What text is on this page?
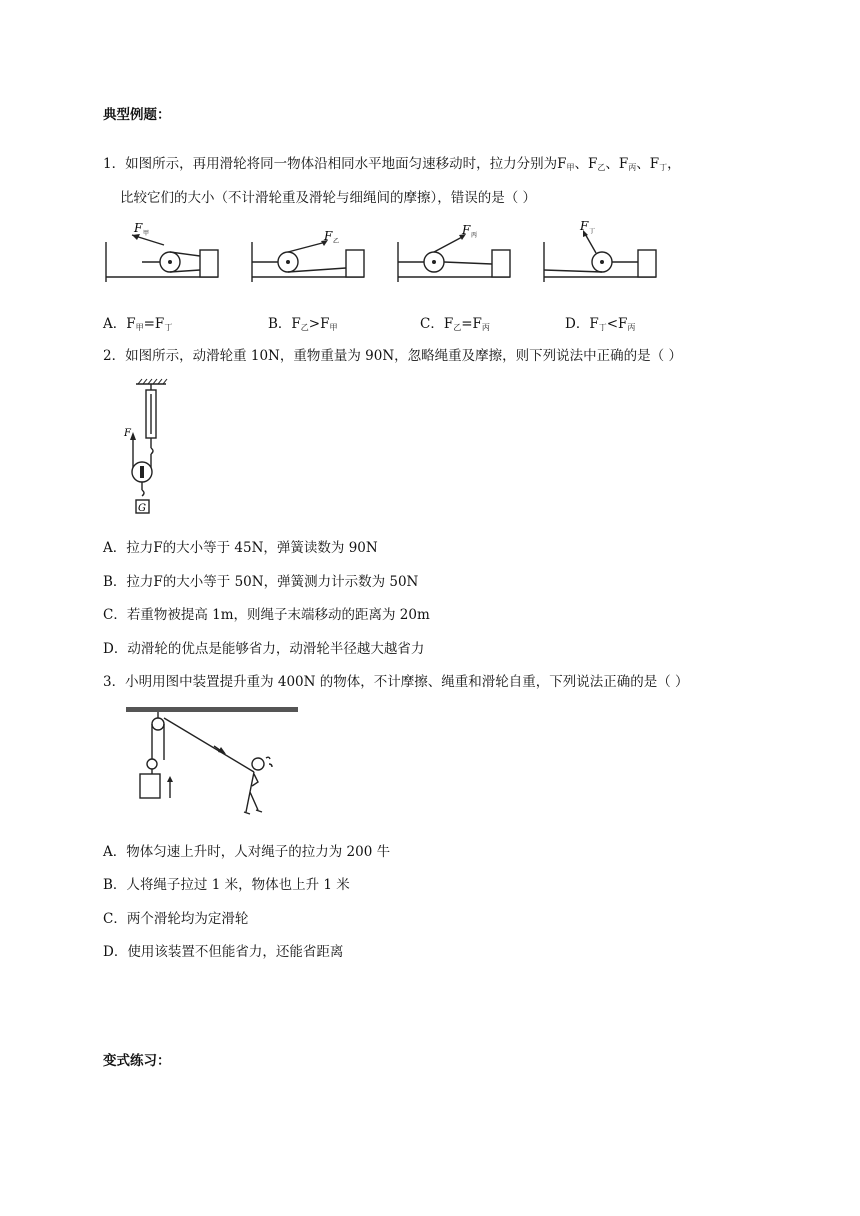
典型例题：
1．如图所示，再用滑轮将同一物体沿相同水平地面匀速移动时，拉力分别为$F_甲$、$F_乙$、$F_丙$、$F_丁$，
比较它们的大小（不计滑轮重及滑轮与细绳间的摩擦），错误的是（ ）
F 甲	F 乙
F 丙
F 丁
A．$F_甲=F_丁$	B．$F_乙>F_甲$	C．$F_乙=F_丙$	D．$F_丁<F_丙$
2．如图所示，动滑轮重 10N，重物重量为 90N，忽略绳重及摩擦，则下列说法中正确的是（ ）
F
G
A．拉力F的大小等于 45N，弹簧读数为 90N
B．拉力F的大小等于 50N，弹簧测力计示数为 50N
C．若重物被提高 1m，则绳子末端移动的距离为 20m
D．动滑轮的优点是能够省力，动滑轮半径越大越省力
3．小明用图中装置提升重为 400N 的物体，不计摩擦、绳重和滑轮自重，下列说法正确的是（ ）
A．物体匀速上升时，人对绳子的拉力为 200 牛
B．人将绳子拉过 1 米，物体也上升 1 米
C．两个滑轮均为定滑轮
D．使用该装置不但能省力，还能省距离
变式练习：
